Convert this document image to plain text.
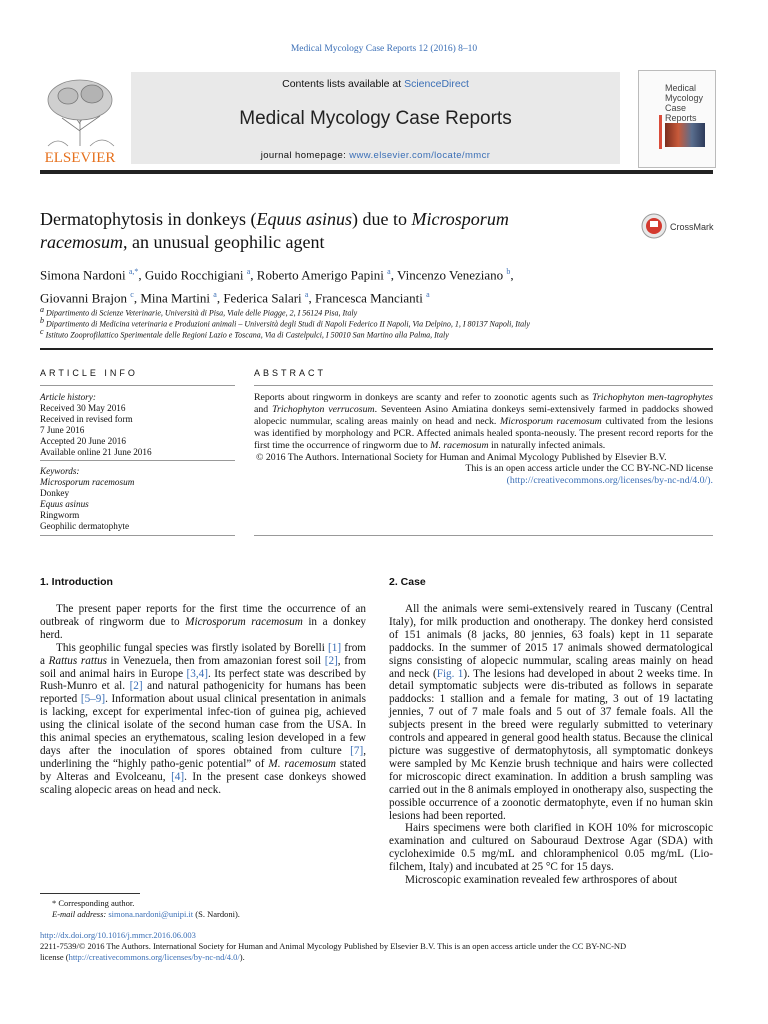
Medical Mycology Case Reports 12 (2016) 8–10
ELSEVIER
Contents lists available at ScienceDirect
Medical Mycology Case Reports
journal homepage: www.elsevier.com/locate/mmcr
Medical
Mycology
Case
Reports
Dermatophytosis in donkeys (Equus asinus) due to Microsporum
racemosum, an unusual geophilic agent
CrossMark
Simona Nardoni $^{a,*}$, Guido Rocchigiani $^a$, Roberto Amerigo Papini $^a$, Vincenzo Veneziano $^b$,
Giovanni Brajon $^c$, Mina Martini $^a$, Federica Salari $^a$, Francesca Mancianti $^a$
$^a$ Dipartimento di Scienze Veterinarie, Università di Pisa, Viale delle Piagge, 2, I 56124 Pisa, Italy
$^b$ Dipartimento di Medicina veterinaria e Produzioni animali – Università degli Studi di Napoli Federico II Napoli, Via Delpino, 1, I 80137 Napoli, Italy
$^c$ Istituto Zooprofilattico Sperimentale delle Regioni Lazio e Toscana, Via di Castelpulci, I 50010 San Martino alla Palma, Italy
ARTICLE INFO
Article history:
Received 30 May 2016
Received in revised form
7 June 2016
Accepted 20 June 2016
Available online 21 June 2016
Keywords:
Microsporum racemosum
Donkey
Equus asinus
Ringworm
Geophilic dermatophyte
ABSTRACT
Reports about ringworm in donkeys are scanty and refer to zoonotic agents such as Trichophyton men-tagrophytes and Trichophyton verrucosum. Seventeen Asino Amiatina donkeys semi-extensively farmed in paddocks showed alopecic nummular, scaling areas mainly on head and neck. Microsporum racemosum cultivated from the lesions was identified by morphology and PCR. Affected animals healed sponta-neously. The present record reports for the first time the occurrence of ringworm due to M. racemosum in naturally infected animals.
© 2016 The Authors. International Society for Human and Animal Mycology Published by Elsevier B.V.
This is an open access article under the CC BY-NC-ND license
(http://creativecommons.org/licenses/by-nc-nd/4.0/).
1. Introduction

The present paper reports for the first time the occurrence of an outbreak of ringworm due to Microsporum racemosum in a donkey herd.

This geophilic fungal species was firstly isolated by Borelli [1] from a Rattus rattus in Venezuela, then from amazonian forest soil [2], from soil and animal hairs in Europe [3,4]. Its perfect state was described by Rush-Munro et al. [2] and natural pathogenicity for humans has been reported [5–9]. Information about usual clinical presentation in animals is lacking, except for experimental infec-tion of guinea pig, achieved using the clinical isolate of the second human case from the USA. In this animal species an erythematous, scaling lesion developed in a few days after the inoculation of spores obtained from culture [7], underlining the “highly patho-genic potential” of M. racemosum stated by Alteras and Evolceanu, [4]. In the present case donkeys showed scaling alopecic areas on head and neck.

2. Case

All the animals were semi-extensively reared in Tuscany (Central Italy), for milk production and onotherapy. The donkey herd consisted of 151 animals (8 jacks, 80 jennies, 63 foals) kept in 11 separate paddocks. In the summer of 2015 17 animals showed dermatological signs consisting of alopecic nummular, scaling areas mainly on head and neck (Fig. 1). The lesions had developed in about 2 weeks time. In detail symptomatic subjects were dis-tributed as follows in separate paddocks: 1 stallion and a female for mating, 3 out of 19 lactating jennies, 7 out of 7 male foals and 5 out of 37 female foals. All the subjects present in the breed were regularly submitted to veterinary controls and appeared in general good health status. Because the clinical picture was suggestive of dermatophytosis, all symptomatic donkeys were sampled by Mc Kenzie brush technique and hairs were collected for microscopic direct examination. In addition a brush sampling was carried out in the 8 animals employed in onotherapy also, suspecting the possible occurrence of a zoonotic dermatophyte, even if no human skin lesions had been reported.

Hairs specimens were both clarified in KOH 10% for microscopic examination and cultured on Sabouraud Dextrose Agar (SDA) with cycloheximide 0.5 mg/mL and chloramphenicol 0.05 mg/mL (Lio-filchem, Italy) and incubated at 25 °C for 15 days.

Microscopic examination revealed few arthrospores of about

* Corresponding author.
E-mail address: simona.nardoni@unipi.it (S. Nardoni).
http://dx.doi.org/10.1016/j.mmcr.2016.06.003
2211-7539/© 2016 The Authors. International Society for Human and Animal Mycology Published by Elsevier B.V. This is an open access article under the CC BY-NC-ND
license (http://creativecommons.org/licenses/by-nc-nd/4.0/).
